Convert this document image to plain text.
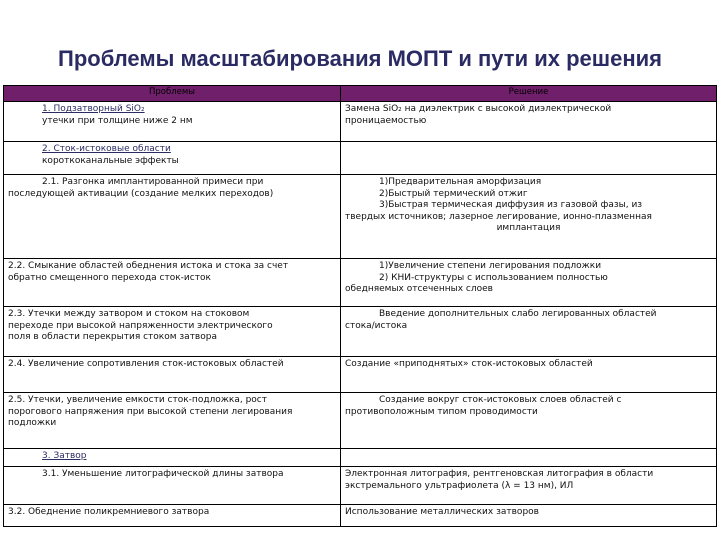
Проблемы масштабирования МОПТ и пути их решения
Проблемы	Решение

1. Подзатворный SiO₂
утечки при толщине ниже 2 нм	Замена SiO₂ на диэлектрик с высокой диэлектрической
проницаемостью

2. Сток-истоковые области
короткоканальные эффекты	

2.1. Разгонка имплантированной примеси при
последующей активации (создание мелких переходов)	1)Предварительная аморфизация
2)Быстрый термический отжиг
3)Быстрая термическая диффузия из газовой фазы, из
твердых источников; лазерное легирование, ионно-плазменная
имплантация

2.2. Смыкание областей обеднения истока и стока за счет
обратно смещенного перехода сток-исток	1)Увеличение степени легирования подложки
2) КНИ-структуры с использованием полностью
обедняемых отсеченных слоев

2.3. Утечки между затвором и стоком на стоковом
переходе при высокой напряженности электрического
поля в области перекрытия стоком затвора	Введение дополнительных слабо легированных областей
стока/истока

2.4. Увеличение сопротивления сток-истоковых областей	Создание «приподнятых» сток-истоковых областей

2.5. Утечки, увеличение емкости сток-подложка, рост
порогового напряжения при высокой степени легирования
подложки	Создание вокруг сток-истоковых слоев областей с
противоположным типом проводимости

3. Затвор	

3.1. Уменьшение литографической длины затвора	Электронная литография, рентгеновская литография в области
экстремального ультрафиолета (λ = 13 нм), ИЛ

3.2. Обеднение поликремниевого затвора	Использование металлических затворов
